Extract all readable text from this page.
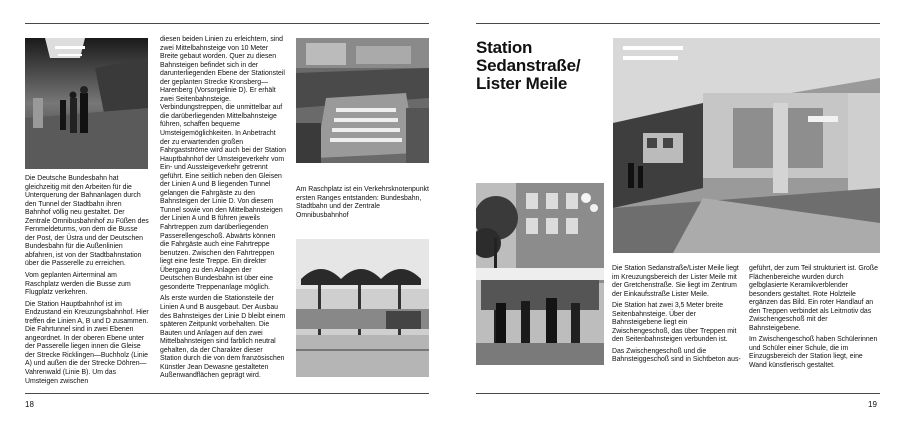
Die Deutsche Bundesbahn hat gleichzeitig mit den Arbeiten für die Unterquerung der Bahnanlagen durch den Tunnel der Stadtbahn ihren Bahnhof völlig neu gestaltet. Der Zentrale Omnibusbahnhof zu Füßen des Fernmeldeturms, von dem die Busse der Post, der Üstra und der Deutschen Bundesbahn für die Außenlinien abfahren, ist von der Stadtbahnstation über die Passerelle zu erreichen.

Vom geplanten Airterminal am Raschplatz werden die Busse zum Flugplatz verkehren.

Die Station Hauptbahnhof ist im Endzustand ein Kreuzungsbahnhof. Hier treffen die Linien A, B und D zusammen. Die Fahrtunnel sind in zwei Ebenen angeordnet. In der oberen Ebene unter der Passerelle liegen innen die Gleise der Strecke Ricklingen—Buchholz (Linie A) und außen die der Strecke Döhren—Vahrenwald (Linie B). Um das Umsteigen zwischen

diesen beiden Linien zu erleichtern, sind zwei Mittelbahnsteige von 10 Meter Breite gebaut worden. Quer zu diesen Bahnsteigen befindet sich in der darunterliegenden Ebene der Stationsteil der geplanten Strecke Kronsberg—Harenberg (Vorsorgelinie D). Er erhält zwei Seitenbahnsteige. Verbindungstreppen, die unmittelbar auf die darüberliegenden Mittelbahnsteige führen, schaffen bequeme Umsteigemöglichkeiten. In Anbetracht der zu erwartenden großen Fahrgastströme wird auch bei der Station Hauptbahnhof der Umsteigeverkehr vom Ein- und Aussteigeverkehr getrennt geführt. Eine seitlich neben den Gleisen der Linien A und B liegenden Tunnel gelangen die Fahrgäste zu den Bahnsteigen der Linie D. Von diesem Tunnel sowie von den Mittelbahnsteigen der Linien A und B führen jeweils Fahrtreppen zum darüberliegenden Passerellengeschoß. Abwärts können die Fahrgäste auch eine Fahrtreppe benutzen. Zwischen den Fahrtreppen liegt eine feste Treppe. Ein direkter Übergang zu den Anlagen der Deutschen Bundesbahn ist über eine gesonderte Treppenanlage möglich.

Als erste wurden die Stationsteile der Linien A und B ausgebaut. Der Ausbau des Bahnsteiges der Linie D bleibt einem späteren Zeitpunkt vorbehalten. Die Bauten und Anlagen auf den zwei Mittelbahnsteigen sind farblich neutral gehalten, da der Charakter dieser Station durch die von dem französischen Künstler Jean Dewasne gestalteten Außenwandflächen geprägt wird.

Am Raschplatz ist ein Verkehrsknotenpunkt ersten Ranges entstanden: Bundesbahn, Stadtbahn und der Zentrale Omnibusbahnhof
18
Station
Sedanstraße/
Lister Meile

Die Station Sedanstraße/Lister Meile liegt im Kreuzungsbereich der Lister Meile mit der Gretchenstraße. Sie liegt im Zentrum der Einkaufsstraße Lister Meile.

Die Station hat zwei 3,5 Meter breite Seitenbahnsteige. Über der Bahnsteigebene liegt ein Zwischengeschoß, das über Treppen mit den Seitenbahnsteigen verbunden ist.

Das Zwischengeschoß und die Bahnsteiggeschoß sind in Sichtbeton aus-

geführt, der zum Teil strukturiert ist. Große Flächenbereiche wurden durch gelbglasierte Keramikverblender besonders gestaltet. Rote Holzteile ergänzen das Bild. Ein roter Handlauf an den Treppen verbindet als Leitmotiv das Zwischengeschoß mit der Bahnsteigebene.

Im Zwischengeschoß haben Schülerinnen und Schüler einer Schule, die im Einzugsbereich der Station liegt, eine Wand künstlerisch gestaltet.

19
